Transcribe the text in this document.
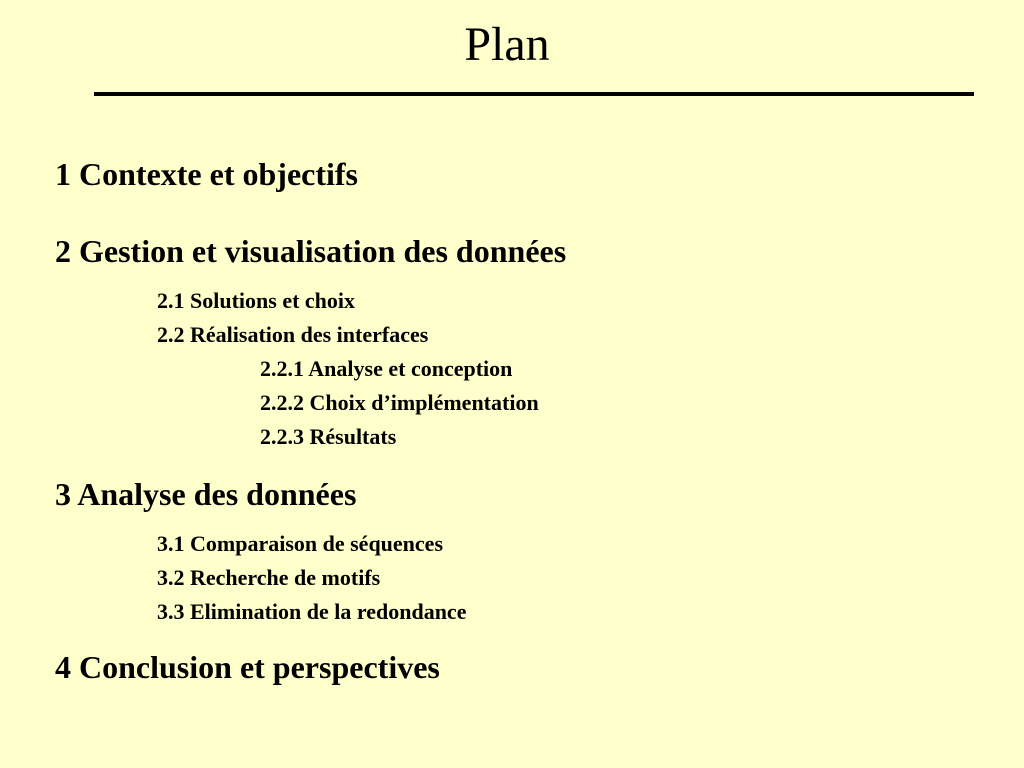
Plan
1 Contexte et objectifs
2 Gestion et visualisation des données
2.1 Solutions et choix
2.2 Réalisation des interfaces
2.2.1 Analyse et conception
2.2.2 Choix d’implémentation
2.2.3 Résultats
3 Analyse des données
3.1 Comparaison de séquences
3.2 Recherche de motifs
3.3 Elimination de la redondance
4 Conclusion et perspectives
